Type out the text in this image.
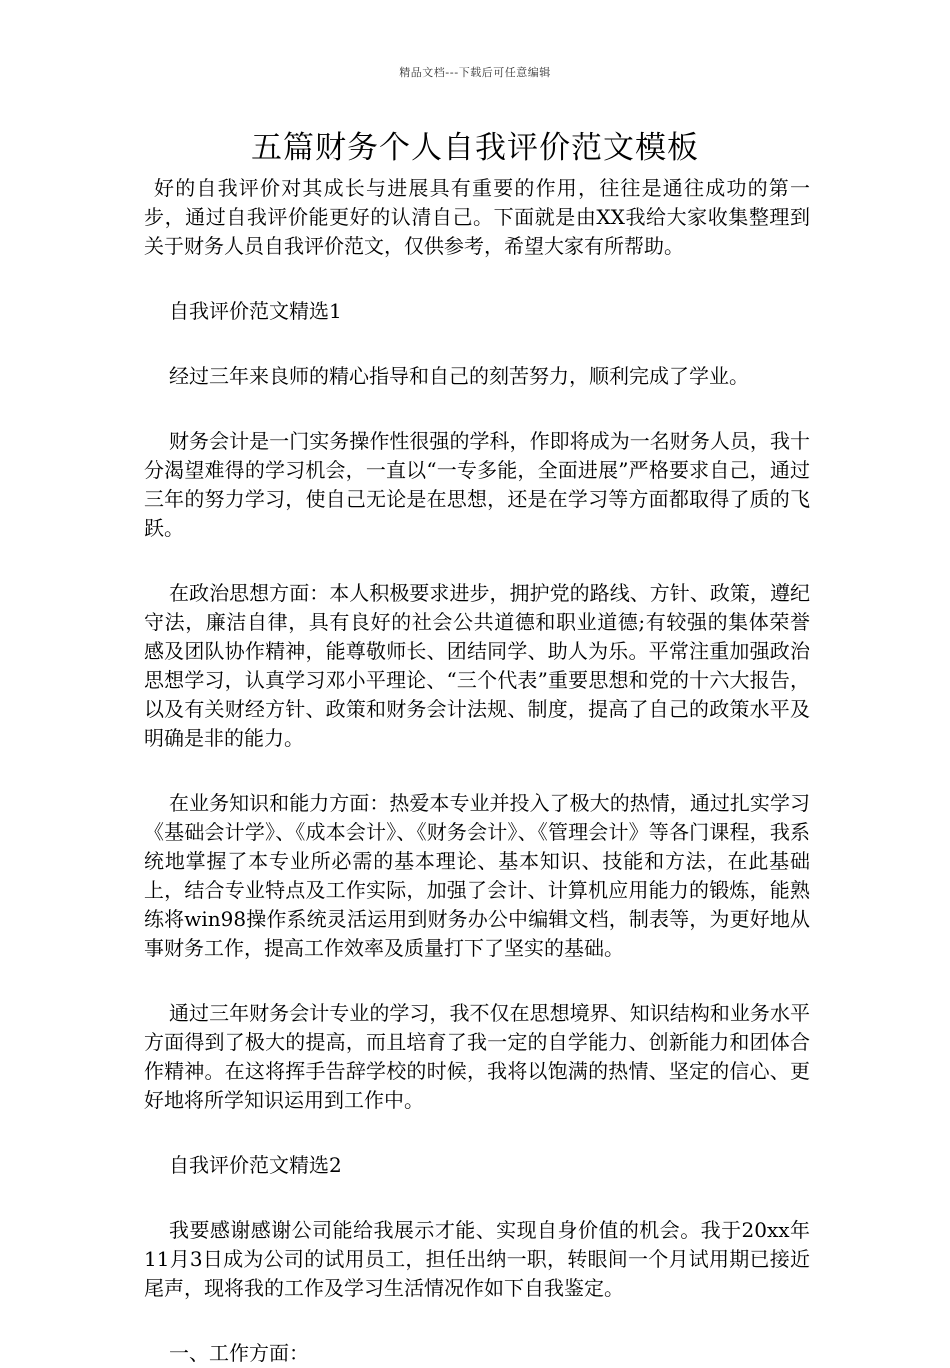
精品文档---下载后可任意编辑
五篇财务个人自我评价范文模板

好的自我评价对其成长与进展具有重要的作用，往往是通往成功的第一步，通过自我评价能更好的认清自己。下面就是由XX我给大家收集整理到关于财务人员自我评价范文，仅供参考，希望大家有所帮助。

自我评价范文精选1

经过三年来良师的精心指导和自己的刻苦努力，顺利完成了学业。

财务会计是一门实务操作性很强的学科，作即将成为一名财务人员，我十分渴望难得的学习机会，一直以“一专多能，全面进展”严格要求自己，通过三年的努力学习，使自己无论是在思想，还是在学习等方面都取得了质的飞跃。

在政治思想方面：本人积极要求进步，拥护党的路线、方针、政策，遵纪守法，廉洁自律，具有良好的社会公共道德和职业道德;有较强的集体荣誉感及团队协作精神，能尊敬师长、团结同学、助人为乐。平常注重加强政治思想学习，认真学习邓小平理论、“三个代表”重要思想和党的十六大报告，以及有关财经方针、政策和财务会计法规、制度，提高了自己的政策水平及明确是非的能力。

在业务知识和能力方面：热爱本专业并投入了极大的热情，通过扎实学习《基础会计学》、《成本会计》、《财务会计》、《管理会计》等各门课程，我系统地掌握了本专业所必需的基本理论、基本知识、技能和方法，在此基础上，结合专业特点及工作实际，加强了会计、计算机应用能力的锻炼，能熟练将win98操作系统灵活运用到财务办公中编辑文档，制表等，为更好地从事财务工作，提高工作效率及质量打下了坚实的基础。

通过三年财务会计专业的学习，我不仅在思想境界、知识结构和业务水平方面得到了极大的提高，而且培育了我一定的自学能力、创新能力和团体合作精神。在这将挥手告辞学校的时候，我将以饱满的热情、坚定的信心、更好地将所学知识运用到工作中。

自我评价范文精选2

我要感谢感谢公司能给我展示才能、实现自身价值的机会。我于20xx年11月3日成为公司的试用员工，担任出纳一职，转眼间一个月试用期已接近尾声，现将我的工作及学习生活情况作如下自我鉴定。

一、工作方面：
